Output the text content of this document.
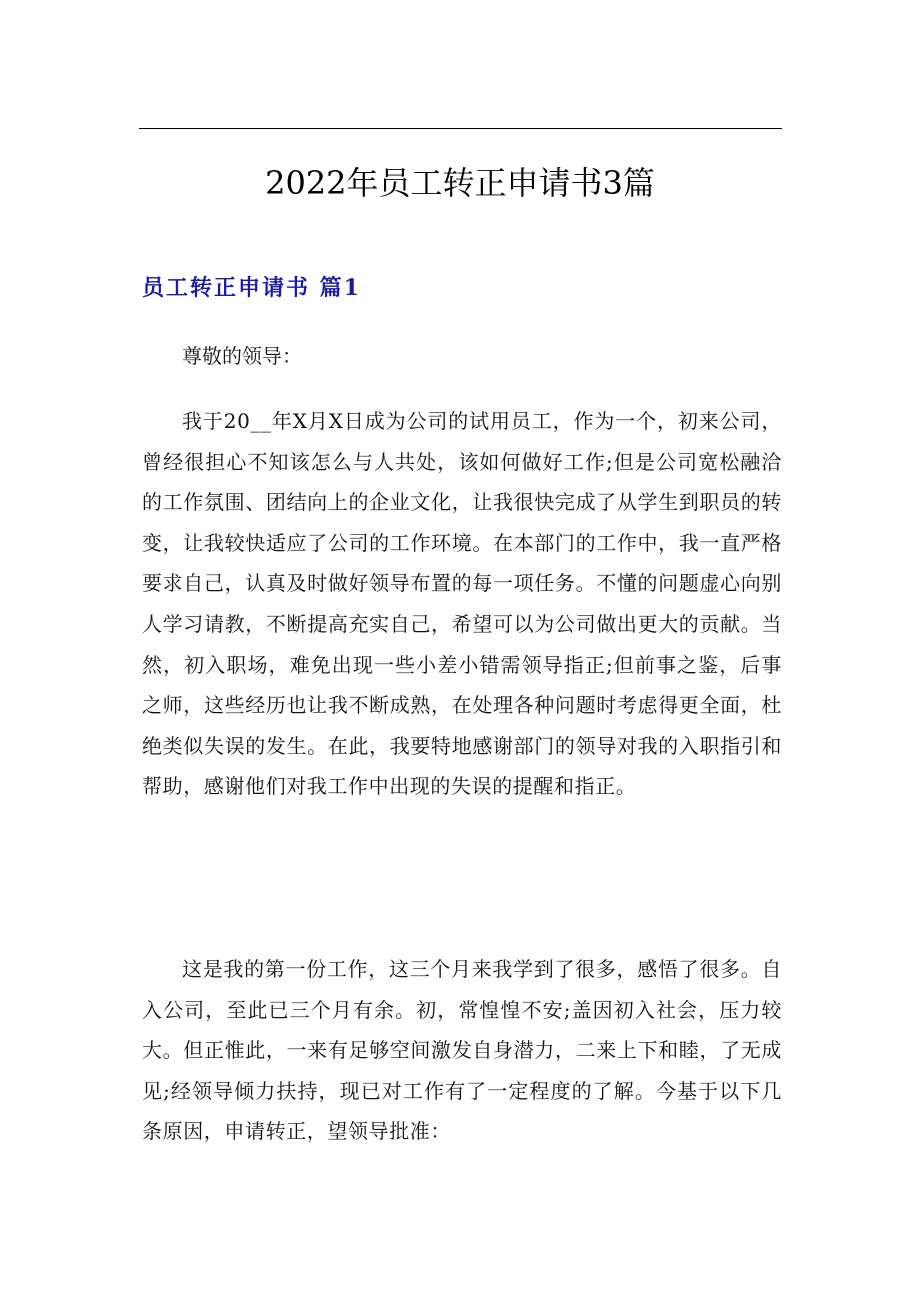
2022年员工转正申请书3篇
员工转正申请书 篇1

尊敬的领导：

我于20__年X月X日成为公司的试用员工，作为一个，初来公司，曾经很担心不知该怎么与人共处，该如何做好工作;但是公司宽松融洽的工作氛围、团结向上的企业文化，让我很快完成了从学生到职员的转变，让我较快适应了公司的工作环境。在本部门的工作中，我一直严格要求自己，认真及时做好领导布置的每一项任务。不懂的问题虚心向别人学习请教，不断提高充实自己，希望可以为公司做出更大的贡献。当然，初入职场，难免出现一些小差小错需领导指正;但前事之鉴，后事之师，这些经历也让我不断成熟，在处理各种问题时考虑得更全面，杜绝类似失误的发生。在此，我要特地感谢部门的领导对我的入职指引和帮助，感谢他们对我工作中出现的失误的提醒和指正。

这是我的第一份工作，这三个月来我学到了很多，感悟了很多。自入公司，至此已三个月有余。初，常惶惶不安;盖因初入社会，压力较大。但正惟此，一来有足够空间激发自身潜力，二来上下和睦，了无成见;经领导倾力扶持，现已对工作有了一定程度的了解。今基于以下几条原因，申请转正，望领导批准：
